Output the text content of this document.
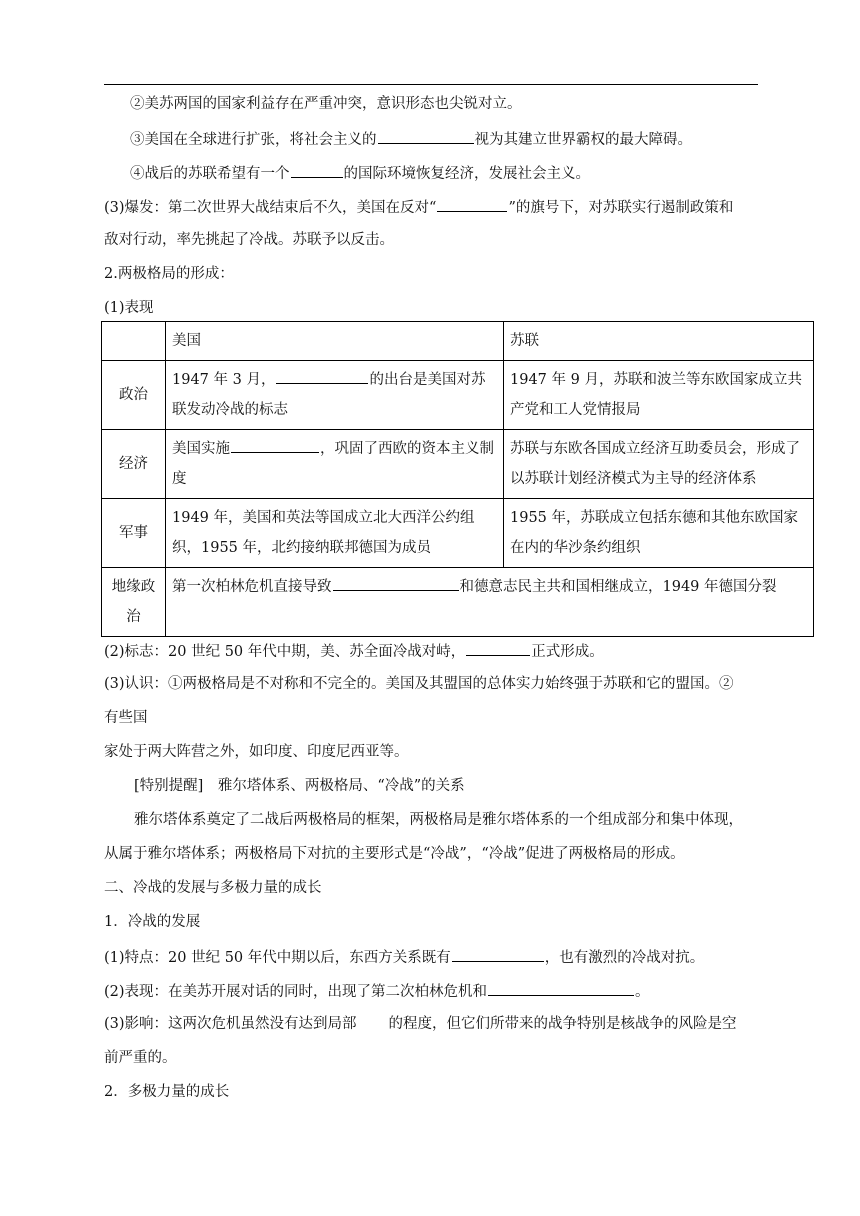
②美苏两国的国家利益存在严重冲突，意识形态也尖锐对立。
③美国在全球进行扩张，将社会主义的	视为其建立世界霸权的最大障碍。
④战后的苏联希望有一个	的国际环境恢复经济，发展社会主义。
(3)爆发：第二次世界大战结束后不久，美国在反对“	”的旗号下，对苏联实行遏制政策和
敌对行动，率先挑起了冷战。苏联予以反击。
2.两极格局的形成：
(1)表现
	美国	苏联
政治	1947 年 3 月， 的出台是美国对苏联发动冷战的标志	1947 年 9 月，苏联和波兰等东欧国家成立共产党和工人党情报局
经济	美国实施 ，巩固了西欧的资本主义制度	苏联与东欧各国成立经济互助委员会，形成了以苏联计划经济模式为主导的经济体系
军事	1949 年，美国和英法等国成立北大西洋公约组织，1955 年，北约接纳联邦德国为成员	1955 年，苏联成立包括东德和其他东欧国家在内的华沙条约组织
地缘政治	第一次柏林危机直接导致 和德意志民主共和国相继成立，1949 年德国分裂	
(2)标志：20 世纪 50 年代中期，美、苏全面冷战对峙，	正式形成。
(3)认识：①两极格局是不对称和不完全的。美国及其盟国的总体实力始终强于苏联和它的盟国。②
有些国
家处于两大阵营之外，如印度、印度尼西亚等。
[特别提醒]　雅尔塔体系、两极格局、“冷战”的关系
雅尔塔体系奠定了二战后两极格局的框架，两极格局是雅尔塔体系的一个组成部分和集中体现，
从属于雅尔塔体系；两极格局下对抗的主要形式是“冷战”，“冷战”促进了两极格局的形成。
二、冷战的发展与多极力量的成长
1．冷战的发展
(1)特点：20 世纪 50 年代中期以后，东西方关系既有	，也有激烈的冷战对抗。
(2)表现：在美苏开展对话的同时，出现了第二次柏林危机和	。
(3)影响：这两次危机虽然没有达到局部 的程度，但它们所带来的战争特别是核战争的风险是空
前严重的。
2．多极力量的成长
